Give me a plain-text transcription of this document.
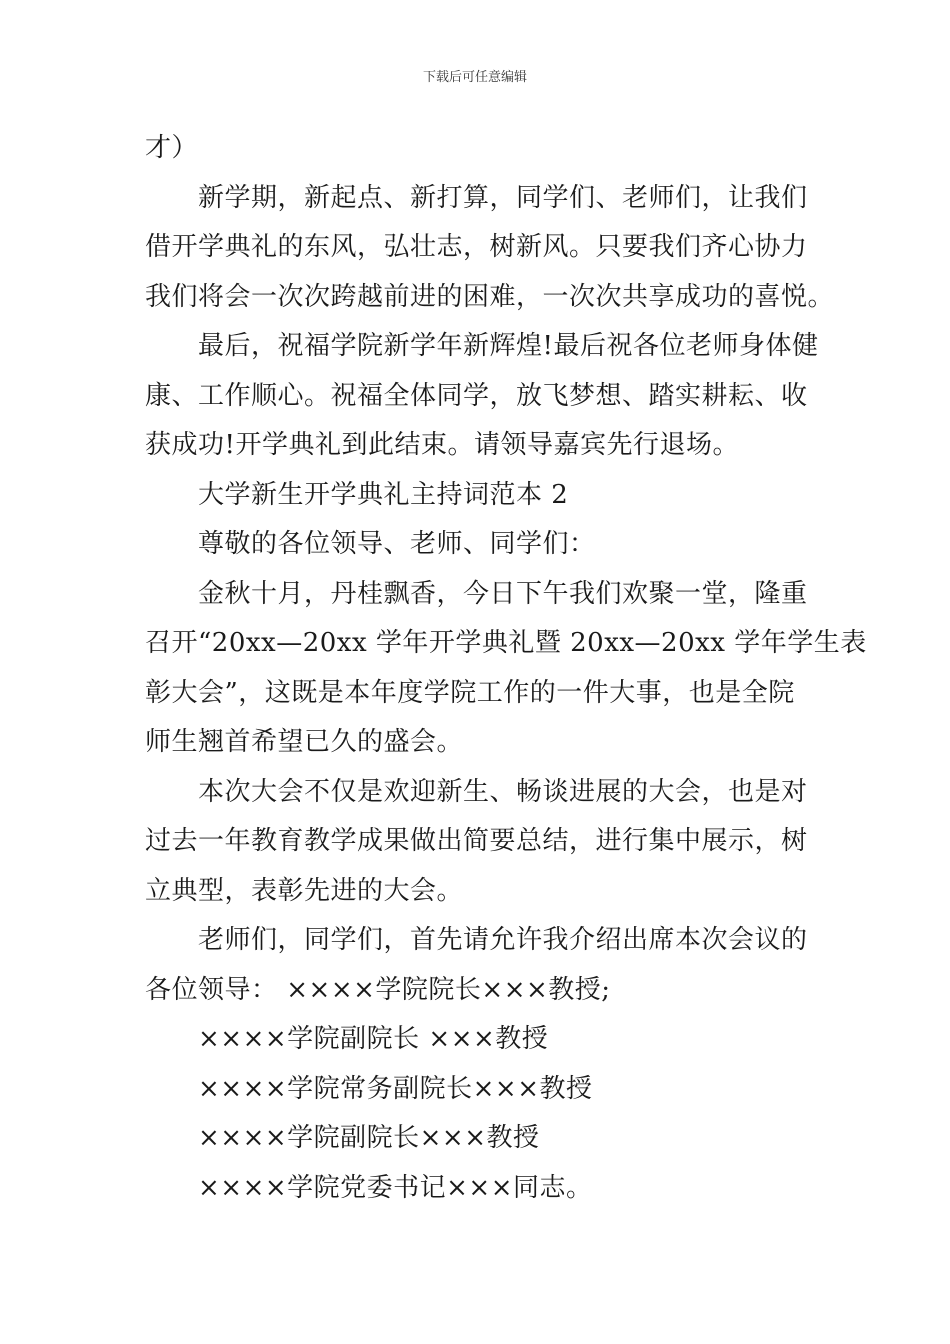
下载后可任意编辑
才）
新学期，新起点、新打算，同学们、老师们，让我们
借开学典礼的东风，弘壮志，树新风。只要我们齐心协力
我们将会一次次跨越前进的困难，一次次共享成功的喜悦。
最后，祝福学院新学年新辉煌!最后祝各位老师身体健
康、工作顺心。祝福全体同学，放飞梦想、踏实耕耘、收
获成功!开学典礼到此结束。请领导嘉宾先行退场。
大学新生开学典礼主持词范本 2
尊敬的各位领导、老师、同学们：
金秋十月，丹桂飘香，今日下午我们欢聚一堂，隆重
召开“20xx—20xx 学年开学典礼暨 20xx—20xx 学年学生表
彰大会”，这既是本年度学院工作的一件大事，也是全院
师生翘首希望已久的盛会。
本次大会不仅是欢迎新生、畅谈进展的大会，也是对
过去一年教育教学成果做出简要总结，进行集中展示，树
立典型，表彰先进的大会。
老师们，同学们，首先请允许我介绍出席本次会议的
各位领导： ××××学院院长×××教授;
××××学院副院长 ×××教授
××××学院常务副院长×××教授
××××学院副院长×××教授
××××学院党委书记×××同志。
